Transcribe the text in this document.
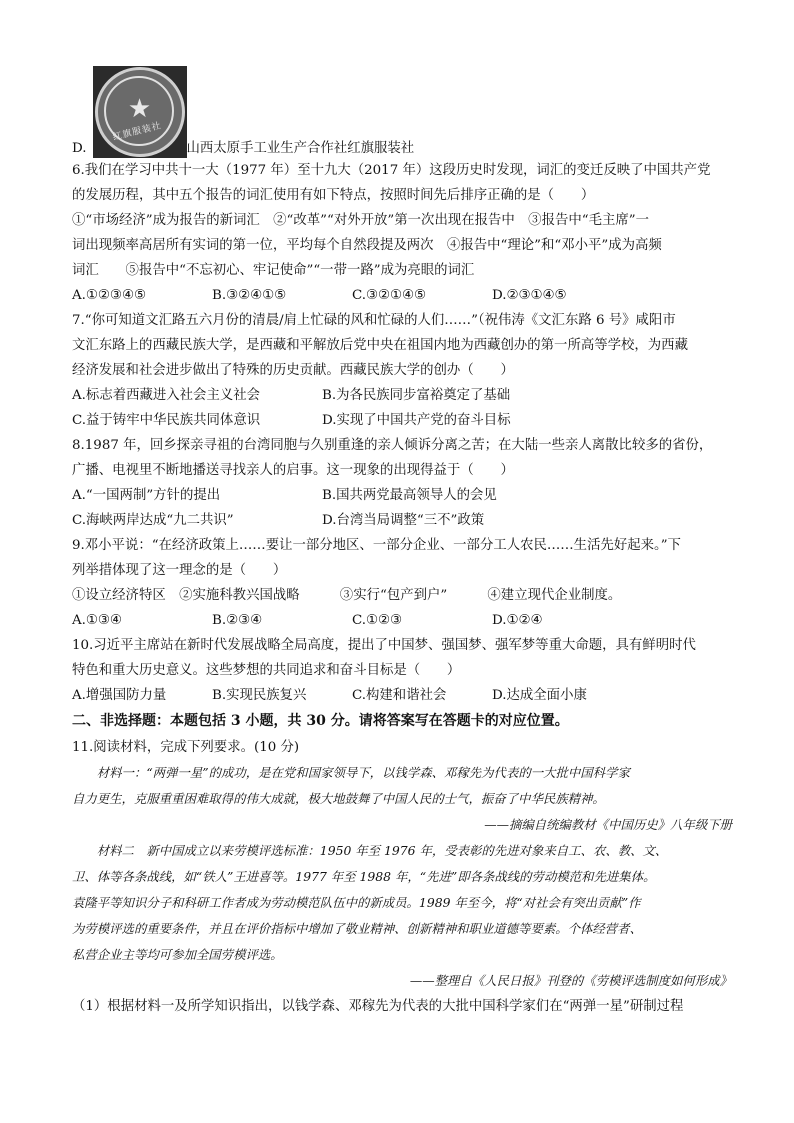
D.
★
红旗服装社
山西太原手工业生产合作社红旗服装社

6.我们在学习中共十一大（1977 年）至十九大（2017 年）这段历史时发现，词汇的变迁反映了中国共产党

的发展历程，其中五个报告的词汇使用有如下特点，按照时间先后排序正确的是（　　）

①“市场经济”成为报告的新词汇　②“改革”“对外开放”第一次出现在报告中　③报告中“毛主席”一

词出现频率高居所有实词的第一位，平均每个自然段提及两次　④报告中“理论”和“邓小平”成为高频

词汇　　⑤报告中“不忘初心、牢记使命”“一带一路”成为亮眼的词汇

A.①②③④⑤	B.③②④①⑤	C.③②①④⑤	D.②③①④⑤

7.“你可知道文汇路五六月份的清晨/肩上忙碌的风和忙碌的人们……”（祝伟涛《文汇东路 6 号》咸阳市

文汇东路上的西藏民族大学，是西藏和平解放后党中央在祖国内地为西藏创办的第一所高等学校，为西藏

经济发展和社会进步做出了特殊的历史贡献。西藏民族大学的创办（　　）

A.标志着西藏进入社会主义社会	B.为各民族同步富裕奠定了基础
C.益于铸牢中华民族共同体意识	D.实现了中国共产党的奋斗目标

8.1987 年，回乡探亲寻祖的台湾同胞与久别重逢的亲人倾诉分离之苦；在大陆一些亲人离散比较多的省份，

广播、电视里不断地播送寻找亲人的启事。这一现象的出现得益于（　　）

A.“一国两制”方针的提出	B.国共两党最高领导人的会见
C.海峡两岸达成“九二共识”	D.台湾当局调整“三不”政策

9.邓小平说：“在经济政策上……要让一部分地区、一部分企业、一部分工人农民……生活先好起来。”下

列举措体现了这一理念的是（　　）

①设立经济特区　②实施科教兴国战略　　　③实行“包产到户”　　　④建立现代企业制度。

A.①③④	B.②③④	C.①②③	D.①②④

10.习近平主席站在新时代发展战略全局高度，提出了中国梦、强国梦、强军梦等重大命题，具有鲜明时代

特色和重大历史意义。这些梦想的共同追求和奋斗目标是（　　）

A.增强国防力量	B.实现民族复兴	C.构建和谐社会	D.达成全面小康
二、非选择题：本题包括 3 小题，共 30 分。请将答案写在答题卡的对应位置。

11.阅读材料，完成下列要求。(10 分)

　　材料一：“两弹一星”的成功，是在党和国家领导下，以钱学森、邓稼先为代表的一大批中国科学家
自力更生，克服重重困难取得的伟大成就，极大地鼓舞了中国人民的士气，振奋了中华民族精神。
——摘编自统编教材《中国历史》八年级下册
　　材料二　新中国成立以来劳模评选标准：1950 年至 1976 年，受表彰的先进对象来自工、农、教、文、
卫、体等各条战线，如“铁人”王进喜等。1977 年至 1988 年，“先进”即各条战线的劳动模范和先进集体。
袁隆平等知识分子和科研工作者成为劳动模范队伍中的新成员。1989 年至今，将“对社会有突出贡献”作
为劳模评选的重要条件，并且在评价指标中增加了敬业精神、创新精神和职业道德等要素。个体经营者、
私营企业主等均可参加全国劳模评选。
——整理自《人民日报》刊登的《劳模评选制度如何形成》

（1）根据材料一及所学知识指出，以钱学森、邓稼先为代表的大批中国科学家们在“两弹一星”研制过程
